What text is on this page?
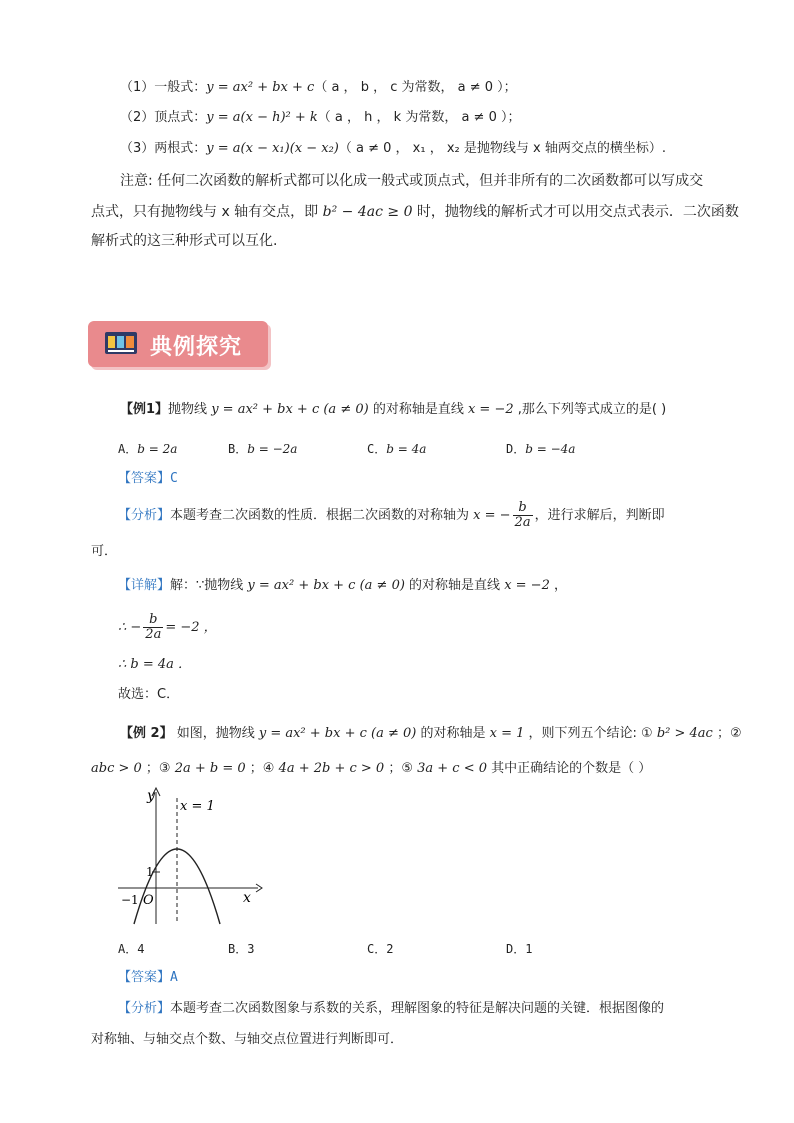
（1）一般式：y = ax² + bx + c（ a ， b ， c 为常数， a ≠ 0 ）；
（2）顶点式：y = a(x − h)² + k（ a ， h ， k 为常数， a ≠ 0 ）；
（3）两根式：y = a(x − x₁)(x − x₂)（ a ≠ 0 ， x₁ ， x₂ 是抛物线与 x 轴两交点的横坐标）.
注意: 任何二次函数的解析式都可以化成一般式或顶点式，但并非所有的二次函数都可以写成交
点式，只有抛物线与 x 轴有交点，即 b² − 4ac ≥ 0 时，抛物线的解析式才可以用交点式表示．二次函数
解析式的这三种形式可以互化.
典例探究
【例1】抛物线 y = ax² + bx + c (a ≠ 0) 的对称轴是直线 x = −2 ,那么下列等式成立的是( )
A．b = 2a	B．b = −2a	C．b = 4a	D．b = −4a
【答案】C
【分析】本题考查二次函数的性质．根据二次函数的对称轴为 x = − $\frac{b}{2a}$ ，进行求解后，判断即
可．
【详解】解：∵抛物线 y = ax² + bx + c (a ≠ 0) 的对称轴是直线 x = −2 ，
∴ − $\frac{b}{2a} = -2$ ，
∴ b = 4a ．
故选：C．
【例 2】 如图，抛物线 y = ax² + bx + c (a ≠ 0) 的对称轴是 x = 1 ，则下列五个结论: ① b² > 4ac ；②
abc > 0 ；③ 2a + b = 0 ；④ 4a + 2b + c > 0 ；⑤ 3a + c < 0 其中正确结论的个数是（ ）
y
x
x = 1
O
1
−1
A．4	B．3	C．2	D．1
【答案】A
【分析】本题考查二次函数图象与系数的关系，理解图象的特征是解决问题的关键．根据图像的
对称轴、与轴交点个数、与轴交点位置进行判断即可．
